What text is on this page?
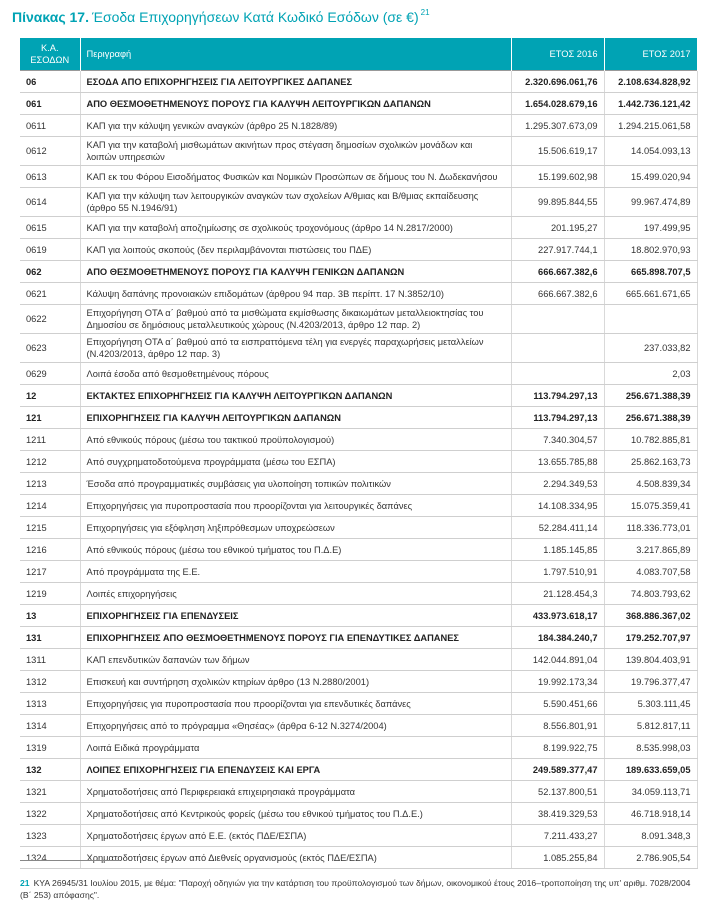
Πίνακας 17. Έσοδα Επιχορηγήσεων Κατά Κωδικό Εσόδων (σε €) $^{21}$
Κ.Α.
ΕΣΟΔΩΝ	Περιγραφή	ΕΤΟΣ 2016	ΕΤΟΣ 2017
06	ΕΣΟΔΑ ΑΠΟ ΕΠΙΧΟΡΗΓΗΣΕΙΣ ΓΙΑ ΛΕΙΤΟΥΡΓΙΚΕΣ ΔΑΠΑΝΕΣ	2.320.696.061,76	2.108.634.828,92
061	ΑΠΟ ΘΕΣΜΟΘΕΤΗΜΕΝΟΥΣ ΠΟΡΟΥΣ ΓΙΑ ΚΑΛΥΨΗ ΛΕΙΤΟΥΡΓΙΚΩΝ ΔΑΠΑΝΩΝ	1.654.028.679,16	1.442.736.121,42
0611	ΚΑΠ για την κάλυψη γενικών αναγκών (άρθρο 25 Ν.1828/89)	1.295.307.673,09	1.294.215.061,58
0612	ΚΑΠ για την καταβολή μισθωμάτων ακινήτων προς στέγαση δημοσίων σχολικών μονάδων και λοιπών υπηρεσιών	15.506.619,17	14.054.093,13
0613	ΚΑΠ εκ του Φόρου Εισοδήματος Φυσικών και Νομικών Προσώπων σε δήμους του Ν. Δωδεκανήσου	15.199.602,98	15.499.020,94
0614	ΚΑΠ για την κάλυψη των λειτουργικών αναγκών των σχολείων Α/θμιας και Β/θμιας εκπαίδευσης (άρθρο 55 Ν.1946/91)	99.895.844,55	99.967.474,89
0615	ΚΑΠ για την καταβολή αποζημίωσης σε σχολικούς τροχονόμους (άρθρο 14 Ν.2817/2000)	201.195,27	197.499,95
0619	ΚΑΠ για λοιπούς σκοπούς (δεν περιλαμβάνονται πιστώσεις του ΠΔΕ)	227.917.744,1	18.802.970,93
062	ΑΠΟ ΘΕΣΜΟΘΕΤΗΜΕΝΟΥΣ ΠΟΡΟΥΣ ΓΙΑ ΚΑΛΥΨΗ ΓΕΝΙΚΩΝ ΔΑΠΑΝΩΝ	666.667.382,6	665.898.707,5
0621	Κάλυψη δαπάνης προνοιακών επιδομάτων (άρθρου 94 παρ. 3Β περίπτ. 17 Ν.3852/10)	666.667.382,6	665.661.671,65
0622	Επιχορήγηση ΟΤΑ α΄ βαθμού από τα μισθώματα εκμίσθωσης δικαιωμάτων μεταλλειοκτησίας του Δημοσίου σε δημόσιους μεταλλευτικούς χώρους (Ν.4203/2013, άρθρο 12 παρ. 2)		
0623	Επιχορήγηση ΟΤΑ α΄ βαθμού από τα εισπραττόμενα τέλη για ενεργές παραχωρήσεις μεταλλείων (Ν.4203/2013, άρθρο 12 παρ. 3)		237.033,82
0629	Λοιπά έσοδα από θεσμοθετημένους πόρους		2,03
12	ΕΚΤΑΚΤΕΣ ΕΠΙΧΟΡΗΓΗΣΕΙΣ ΓΙΑ ΚΑΛΥΨΗ ΛΕΙΤΟΥΡΓΙΚΩΝ ΔΑΠΑΝΩΝ	113.794.297,13	256.671.388,39
121	ΕΠΙΧΟΡΗΓΗΣΕΙΣ ΓΙΑ ΚΑΛΥΨΗ ΛΕΙΤΟΥΡΓΙΚΩΝ ΔΑΠΑΝΩΝ	113.794.297,13	256.671.388,39
1211	Από εθνικούς πόρους (μέσω του τακτικού προϋπολογισμού)	7.340.304,57	10.782.885,81
1212	Από συγχρηματοδοτούμενα προγράμματα (μέσω του ΕΣΠΑ)	13.655.785,88	25.862.163,73
1213	Έσοδα από προγραμματικές συμβάσεις για υλοποίηση τοπικών πολιτικών	2.294.349,53	4.508.839,34
1214	Επιχορηγήσεις για πυροπροστασία που προορίζονται για λειτουργικές δαπάνες	14.108.334,95	15.075.359,41
1215	Επιχορηγήσεις για εξόφληση ληξιπρόθεσμων υποχρεώσεων	52.284.411,14	118.336.773,01
1216	Από εθνικούς πόρους (μέσω του εθνικού τμήματος του Π.Δ.Ε)	1.185.145,85	3.217.865,89
1217	Από προγράμματα της Ε.Ε.	1.797.510,91	4.083.707,58
1219	Λοιπές επιχορηγήσεις	21.128.454,3	74.803.793,62
13	ΕΠΙΧΟΡΗΓΗΣΕΙΣ ΓΙΑ ΕΠΕΝΔΥΣΕΙΣ	433.973.618,17	368.886.367,02
131	ΕΠΙΧΟΡΗΓΗΣΕΙΣ ΑΠΟ ΘΕΣΜΟΘΕΤΗΜΕΝΟΥΣ ΠΟΡΟΥΣ ΓΙΑ ΕΠΕΝΔΥΤΙΚΕΣ ΔΑΠΑΝΕΣ	184.384.240,7	179.252.707,97
1311	ΚΑΠ επενδυτικών δαπανών των δήμων	142.044.891,04	139.804.403,91
1312	Επισκευή και συντήρηση σχολικών κτηρίων άρθρο (13 Ν.2880/2001)	19.992.173,34	19.796.377,47
1313	Επιχορηγήσεις για πυροπροστασία που προορίζονται για επενδυτικές δαπάνες	5.590.451,66	5.303.111,45
1314	Επιχορηγήσεις από το πρόγραμμα «Θησέας» (άρθρα 6-12 Ν.3274/2004)	8.556.801,91	5.812.817,11
1319	Λοιπά Ειδικά προγράμματα	8.199.922,75	8.535.998,03
132	ΛΟΙΠΕΣ ΕΠΙΧΟΡΗΓΗΣΕΙΣ ΓΙΑ ΕΠΕΝΔΥΣΕΙΣ ΚΑΙ ΕΡΓΑ	249.589.377,47	189.633.659,05
1321	Χρηματοδοτήσεις από Περιφερειακά επιχειρησιακά προγράμματα	52.137.800,51	34.059.113,71
1322	Χρηματοδοτήσεις από Κεντρικούς φορείς (μέσω του εθνικού τμήματος του Π.Δ.Ε.)	38.419.329,53	46.718.918,14
1323	Χρηματοδοτήσεις έργων από Ε.Ε. (εκτός ΠΔΕ/ΕΣΠΑ)	7.211.433,27	8.091.348,3
1324	Χρηματοδοτήσεις έργων από Διεθνείς οργανισμούς (εκτός ΠΔΕ/ΕΣΠΑ)	1.085.255,84	2.786.905,54
21 ΚΥΑ 26945/31 Ιουλίου 2015, με θέμα: "Παροχή οδηγιών για την κατάρτιση του προϋπολογισμού των δήμων, οικονομικού έτους 2016–τροποποίηση της υπ' αριθμ. 7028/2004 (Β΄ 253) απόφασης".
